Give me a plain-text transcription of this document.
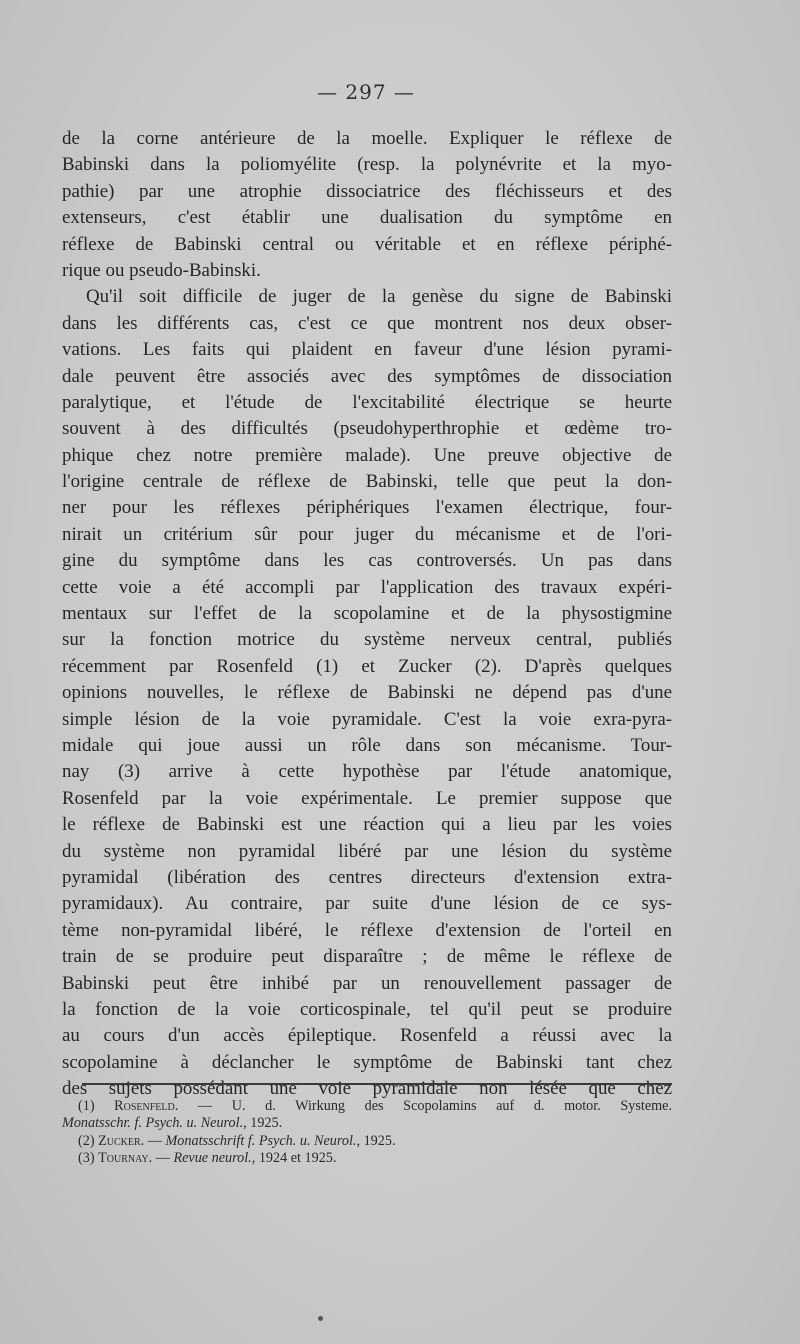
— 297 —
de la corne antérieure de la moelle. Expliquer le réflexe de
Babinski dans la poliomyélite (resp. la polynévrite et la myo-
pathie) par une atrophie dissociatrice des fléchisseurs et des
extenseurs, c'est établir une dualisation du symptôme en
réflexe de Babinski central ou véritable et en réflexe périphé-
rique ou pseudo-Babinski.
Qu'il soit difficile de juger de la genèse du signe de Babinski
dans les différents cas, c'est ce que montrent nos deux obser-
vations. Les faits qui plaident en faveur d'une lésion pyrami-
dale peuvent être associés avec des symptômes de dissociation
paralytique, et l'étude de l'excitabilité électrique se heurte
souvent à des difficultés (pseudohyperthrophie et œdème tro-
phique chez notre première malade). Une preuve objective de
l'origine centrale de réflexe de Babinski, telle que peut la don-
ner pour les réflexes périphériques l'examen électrique, four-
nirait un critérium sûr pour juger du mécanisme et de l'ori-
gine du symptôme dans les cas controversés. Un pas dans
cette voie a été accompli par l'application des travaux expéri-
mentaux sur l'effet de la scopolamine et de la physostigmine
sur la fonction motrice du système nerveux central, publiés
récemment par Rosenfeld (1) et Zucker (2). D'après quelques
opinions nouvelles, le réflexe de Babinski ne dépend pas d'une
simple lésion de la voie pyramidale. C'est la voie exra-pyra-
midale qui joue aussi un rôle dans son mécanisme. Tour-
nay (3) arrive à cette hypothèse par l'étude anatomique,
Rosenfeld par la voie expérimentale. Le premier suppose que
le réflexe de Babinski est une réaction qui a lieu par les voies
du système non pyramidal libéré par une lésion du système
pyramidal (libération des centres directeurs d'extension extra-
pyramidaux). Au contraire, par suite d'une lésion de ce sys-
tème non-pyramidal libéré, le réflexe d'extension de l'orteil en
train de se produire peut disparaître ; de même le réflexe de
Babinski peut être inhibé par un renouvellement passager de
la fonction de la voie corticospinale, tel qu'il peut se produire
au cours d'un accès épileptique. Rosenfeld a réussi avec la
scopolamine à déclancher le symptôme de Babinski tant chez
des sujets possédant une voie pyramidale non lésée que chez
(1) Rosenfeld. — U. d. Wirkung des Scopolamins auf d. motor. Systeme.
Monatsschr. f. Psych. u. Neurol., 1925.
(2) Zucker. — Monatsschrift f. Psych. u. Neurol., 1925.
(3) Tournay. — Revue neurol., 1924 et 1925.
